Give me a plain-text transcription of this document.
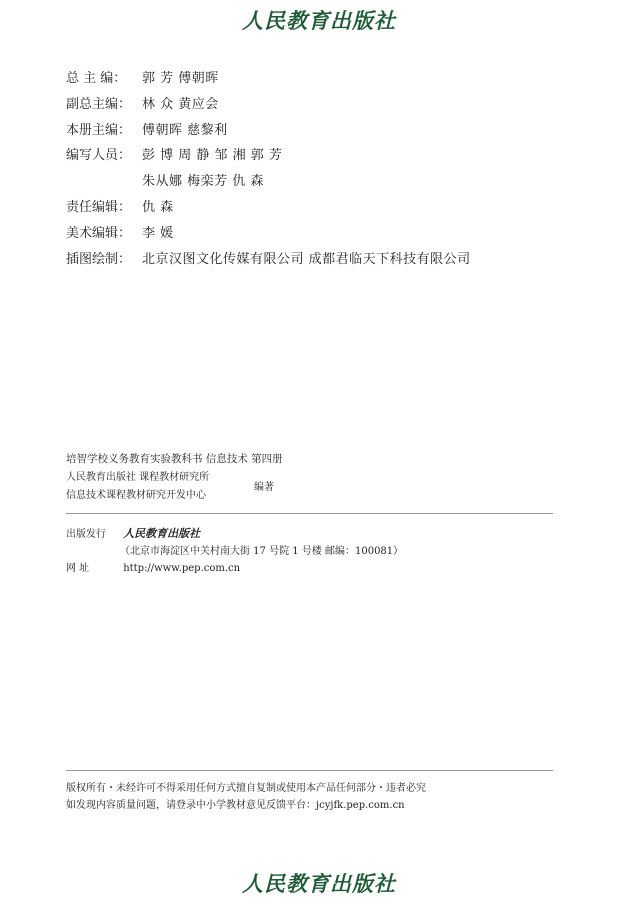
人民教育出版社
总 主 编：	郭 芳 傅朝晖
副总主编： 林 众 黄应会
本册主编： 傅朝晖 慈黎利
编写人员： 彭 博 周 静 邹 湘 郭 芳
朱从娜 梅栾芳 仇 森
责任编辑： 仇 森
美术编辑： 李 媛
插图绘制： 北京汉图文化传媒有限公司 成都君临天下科技有限公司
培智学校义务教育实验教科书 信息技术 第四册
人民教育出版社 课程教材研究所
信息技术课程教材研究开发中心
编著
出版发行 人民教育出版社
（北京市海淀区中关村南大街 17 号院 1 号楼 邮编：100081）
网 址	http://www.pep.com.cn
版权所有・未经许可不得采用任何方式擅自复制或使用本产品任何部分・违者必究
如发现内容质量问题，请登录中小学教材意见反馈平台：jcyjfk.pep.com.cn
人民教育出版社
